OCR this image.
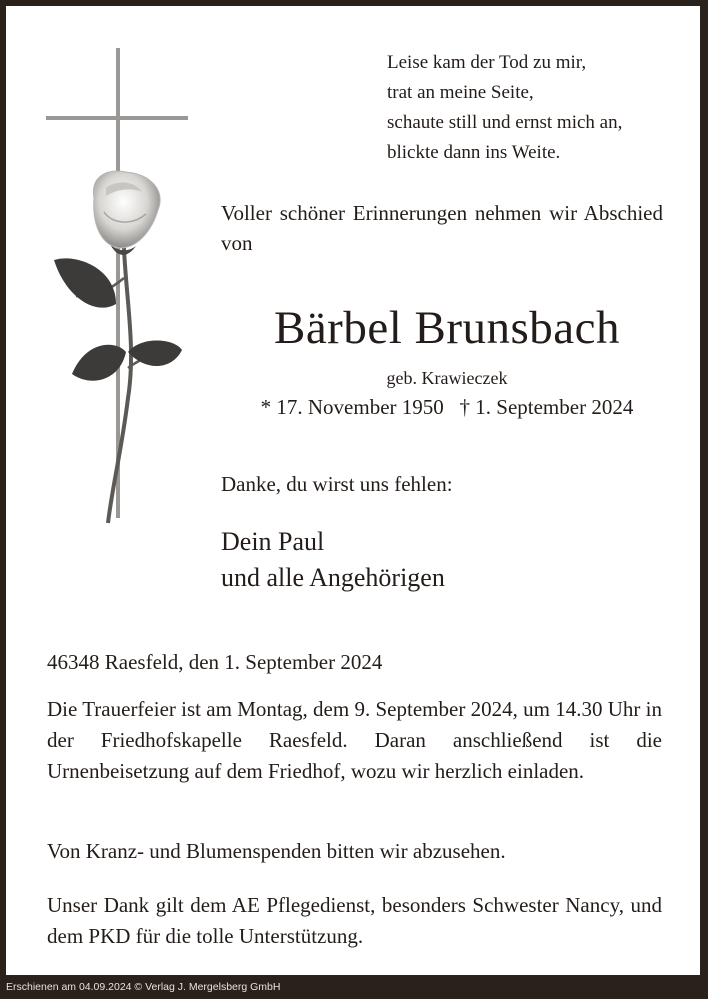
Leise kam der Tod zu mir,
trat an meine Seite,
schaute still und ernst mich an,
blickte dann ins Weite.
Voller schöner Erinnerungen nehmen wir Abschied von
Bärbel Brunsbach
geb. Krawieczek
* 17. November 1950   † 1. September 2024
Danke, du wirst uns fehlen:
Dein Paul
und alle Angehörigen
46348 Raesfeld, den 1. September 2024
Die Trauerfeier ist am Montag, dem 9. September 2024, um 14.30 Uhr in der Friedhofskapelle Raesfeld. Daran anschließend ist die Urnenbeisetzung auf dem Friedhof, wozu wir herzlich einladen.
Von Kranz- und Blumenspenden bitten wir abzusehen.
Unser Dank gilt dem AE Pflegedienst, besonders Schwester Nancy, und dem PKD für die tolle Unterstützung.
Erschienen am 04.09.2024 © Verlag J. Mergelsberg GmbH
